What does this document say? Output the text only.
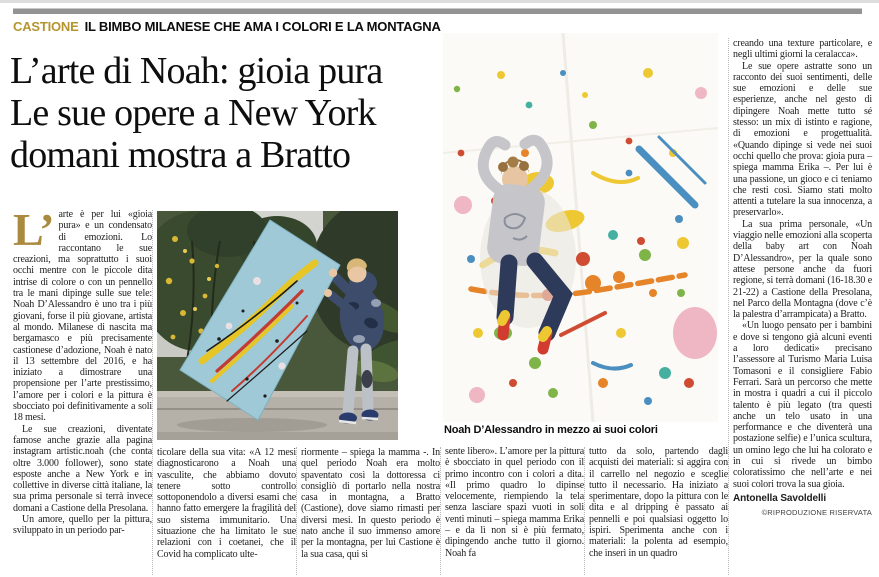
CASTIONE IL BIMBO MILANESE CHE AMA I COLORI E LA MONTAGNA
L’arte di Noah: gioia pura
Le sue opere a New York
domani mostra a Bratto
Noah D’Alessandro in mezzo ai suoi colori

L’ arte è per lui «gioia pura» e un condensato di emozioni. Lo raccontano le sue creazioni, ma soprattutto i suoi occhi mentre con le piccole dita intrise di colore o con un pennello tra le mani dipinge sulle sue tele: Noah D’Alessandro è uno tra i più giovani, forse il più giovane, artista al mondo. Milanese di nascita ma bergamasco e più precisamente castionese d’adozione, Noah è nato il 13 settembre del 2016, e ha iniziato a dimostrare una propensione per l’arte prestissimo, l’amore per i colori e la pittura è sbocciato poi definitivamente a soli 18 mesi.

Le sue creazioni, diventate famose anche grazie alla pagina instagram artistic.noah (che conta oltre 3.000 follower), sono state esposte anche a New York e in collettive in diverse città italiane, la sua prima personale si terrà invece domani a Castione della Presolana.

Un amore, quello per la pittura, sviluppato in un periodo par-

ticolare della sua vita: «A 12 mesi diagnosticarono a Noah una vasculite, che abbiamo dovuto tenere sotto controllo sottoponendolo a diversi esami che hanno fatto emergere la fragilità del suo sistema immunitario. Una situazione che ha limitato le sue relazioni con i coetanei, che il Covid ha complicato ulte-

riormente – spiega la mamma -. In quel periodo Noah era molto spaventato così la dottoressa ci consigliò di portarlo nella nostra casa in montagna, a Bratto (Castione), dove siamo rimasti per diversi mesi. In questo periodo è nato anche il suo immenso amore per la montagna, per lui Castione è la sua casa, qui si

sente libero». L’amore per la pittura è sbocciato in quel periodo con il primo incontro con i colori a dita. «Il primo quadro lo dipinse velocemente, riempiendo la tela senza lasciare spazi vuoti in soli venti minuti – spiega mamma Erika – e da lì non si è più fermato, dipingendo anche tutto il giorno. Noah fa

tutto da solo, partendo dagli acquisti dei materiali: si aggira con il carrello nel negozio e sceglie tutto il necessario. Ha iniziato a sperimentare, dopo la pittura con le dita e al dripping è passato ai pennelli e poi qualsiasi oggetto lo ispiri. Sperimenta anche con i materiali: la polenta ad esempio, che inserì in un quadro

creando una texture particolare, e negli ultimi giorni la ceralacca».

Le sue opere astratte sono un racconto dei suoi sentimenti, delle sue emozioni e delle sue esperienze, anche nel gesto di dipingere Noah mette tutto sé stesso: un mix di istinto e ragione, di emozioni e progettualità. «Quando dipinge si vede nei suoi occhi quello che prova: gioia pura – spiega mamma Erika –. Per lui è una passione, un gioco e ci teniamo che resti così. Siamo stati molto attenti a tutelare la sua innocenza, a preservarlo».

La sua prima personale, «Un viaggio nelle emozioni alla scoperta della baby art con Noah D’Alessandro», per la quale sono attese persone anche da fuori regione, si terrà domani (16-18.30 e 21-22) a Castione della Presolana, nel Parco della Montagna (dove c’è la palestra d’arrampicata) a Bratto.

«Un luogo pensato per i bambini e dove si tengono già alcuni eventi a loro dedicati» precisano l’assessore al Turismo Maria Luisa Tomasoni e il consigliere Fabio Ferrari. Sarà un percorso che mette in mostra i quadri a cui il piccolo talento è più legato (tra questi anche un telo usato in una performance e che diventerà una postazione selfie) e l’unica scultura, un omino lego che lui ha colorato e in cui si rivede un bimbo coloratissimo che nell’arte e nei suoi colori trova la sua gioia.

Antonella Savoldelli
©RIPRODUZIONE RISERVATA
